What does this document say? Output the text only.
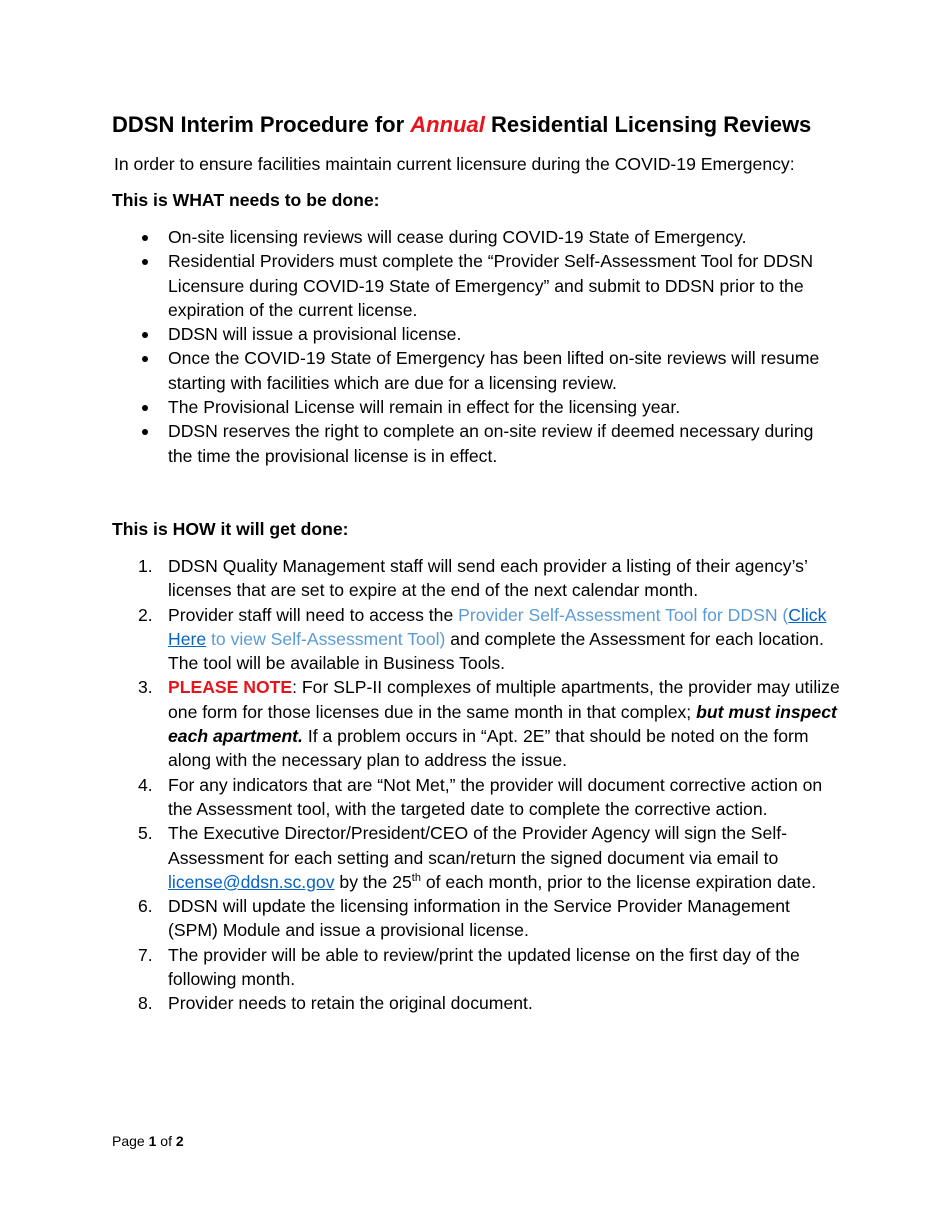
DDSN Interim Procedure for Annual Residential Licensing Reviews
In order to ensure facilities maintain current licensure during the COVID-19 Emergency:
This is WHAT needs to be done:
On-site licensing reviews will cease during COVID-19 State of Emergency.
Residential Providers must complete the “Provider Self-Assessment Tool for DDSN Licensure during COVID-19 State of Emergency” and submit to DDSN prior to the expiration of the current license.
DDSN will issue a provisional license.
Once the COVID-19 State of Emergency has been lifted on-site reviews will resume starting with facilities which are due for a licensing review.
The Provisional License will remain in effect for the licensing year.
DDSN reserves the right to complete an on-site review if deemed necessary during the time the provisional license is in effect.
This is HOW it will get done:
1. DDSN Quality Management staff will send each provider a listing of their agency’s’ licenses that are set to expire at the end of the next calendar month.
2. Provider staff will need to access the Provider Self-Assessment Tool for DDSN (Click Here to view Self-Assessment Tool) and complete the Assessment for each location.  The tool will be available in Business Tools.
3. PLEASE NOTE: For SLP-II complexes of multiple apartments, the provider may utilize one form for those licenses due in the same month in that complex; but must inspect each apartment. If a problem occurs in “Apt. 2E” that should be noted on the form along with the necessary plan to address the issue.
4. For any indicators that are “Not Met,” the provider will document corrective action on the Assessment tool, with the targeted date to complete the corrective action.
5. The Executive Director/President/CEO of the Provider Agency will sign the Self-Assessment for each setting and scan/return the signed document via email to license@ddsn.sc.gov by the 25th of each month, prior to the license expiration date.
6. DDSN will update the licensing information in the Service Provider Management (SPM) Module and issue a provisional license.
7. The provider will be able to review/print the updated license on the first day of the following month.
8. Provider needs to retain the original document.
Page 1 of 2
